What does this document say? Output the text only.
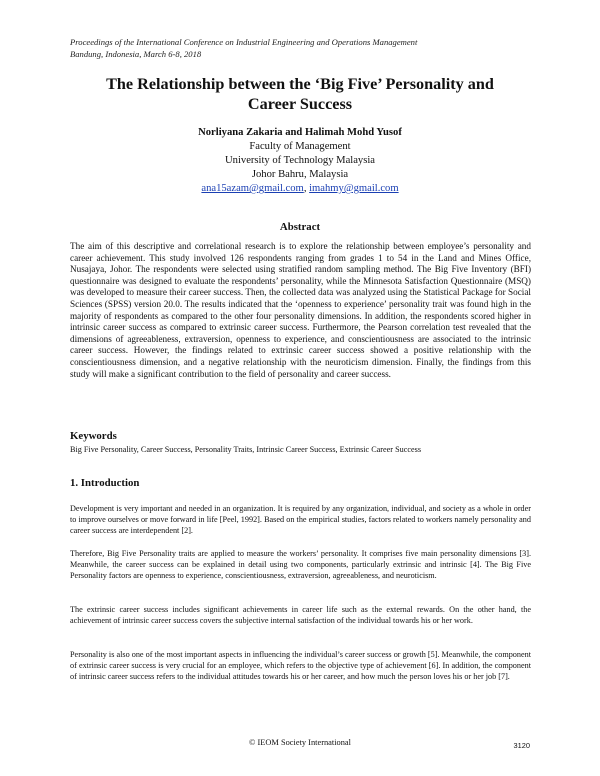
Proceedings of the International Conference on Industrial Engineering and Operations Management
Bandung, Indonesia, March 6-8, 2018
The Relationship between the ‘Big Five’ Personality and
Career Success
Norliyana Zakaria and Halimah Mohd Yusof
Faculty of Management
University of Technology Malaysia
Johor Bahru, Malaysia
ana15azam@gmail.com, imahmy@gmail.com
Abstract
The aim of this descriptive and correlational research is to explore the relationship between employee’s personality and career achievement. This study involved 126 respondents ranging from grades 1 to 54 in the Land and Mines Office, Nusajaya, Johor. The respondents were selected using stratified random sampling method. The Big Five Inventory (BFI) questionnaire was designed to evaluate the respondents’ personality, while the Minnesota Satisfaction Questionnaire (MSQ) was developed to measure their career success. Then, the collected data was analyzed using the Statistical Package for Social Sciences (SPSS) version 20.0. The results indicated that the ‘openness to experience’ personality trait was found high in the majority of respondents as compared to the other four personality dimensions. In addition, the respondents scored higher in intrinsic career success as compared to extrinsic career success. Furthermore, the Pearson correlation test revealed that the dimensions of agreeableness, extraversion, openness to experience, and conscientiousness are associated to the intrinsic career success. However, the findings related to extrinsic career success showed a positive relationship with the conscientiousness dimension, and a negative relationship with the neuroticism dimension. Finally, the findings from this study will make a significant contribution to the field of personality and career success.
Keywords
Big Five Personality, Career Success, Personality Traits, Intrinsic Career Success, Extrinsic Career Success
1. Introduction
Development is very important and needed in an organization. It is required by any organization, individual, and society as a whole in order to improve ourselves or move forward in life [Peel, 1992]. Based on the empirical studies, factors related to workers namely personality and career success are interdependent [2].
Therefore, Big Five Personality traits are applied to measure the workers’ personality. It comprises five main personality dimensions [3]. Meanwhile, the career success can be explained in detail using two components, particularly extrinsic and intrinsic [4]. The Big Five Personality factors are openness to experience, conscientiousness, extraversion, agreeableness, and neuroticism.
The extrinsic career success includes significant achievements in career life such as the external rewards. On the other hand, the achievement of intrinsic career success covers the subjective internal satisfaction of the individual towards his or her work.
Personality is also one of the most important aspects in influencing the individual’s career success or growth [5]. Meanwhile, the component of extrinsic career success is very crucial for an employee, which refers to the objective type of achievement [6]. In addition, the component of intrinsic career success refers to the individual attitudes towards his or her career, and how much the person loves his or her job [7].
© IEOM Society International	3120
